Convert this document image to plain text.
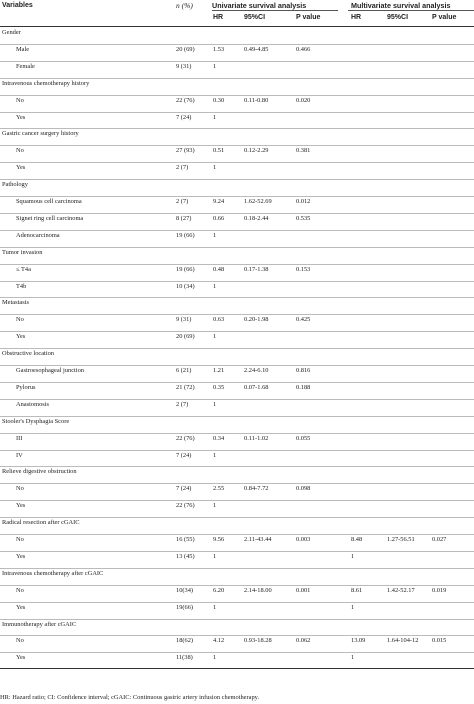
Variables	n (%)	Univariate survival analysis	Multivariate survival analysis
HR	95%CI	P value	HR	95%CI	P value
Gender
Male	20 (69)	1.53	0.49-4.85	0.466
Female	9 (31)	1
Intravenous chemotherapy history
No	22 (76)	0.30	0.11-0.80	0.020
Yes	7 (24)	1
Gastric cancer surgery history
No	27 (93)	0.51	0.12-2.29	0.381
Yes	2 (7)	1
Pathology
Squamous cell carcinoma	2 (7)	9.24	1.62-52.69	0.012
Signet ring cell carcinoma	8 (27)	0.66	0.18-2.44	0.535
Adenocarcinoma	19 (66)	1
Tumor invasion
≤ T4a	19 (66)	0.48	0.17-1.38	0.153
T4b	10 (34)	1
Metastasis
No	9 (31)	0.63	0.20-1.98	0.425
Yes	20 (69)	1
Obstructive location
Gastroesophageal junction	6 (21)	1.21	2.24-6.10	0.816
Pylorus	21 (72)	0.35	0.07-1.68	0.188
Anastomosis	2 (7)	1
Stooler's Dysphagia Score
III	22 (76)	0.34	0.11-1.02	0.055
IV	7 (24)	1
Relieve digestive obstruction
No	7 (24)	2.55	0.84-7.72	0.098
Yes	22 (76)	1
Radical resection after cGAIC
No	16 (55)	9.56	2.11-43.44	0.003	8.48	1.27-56.51	0.027
Yes	13 (45)	1	1
Intravenous chemotherapy after cGAIC
No	10(34)	6.20	2.14-18.00	0.001	8.61	1.42-52.17	0.019
Yes	19(66)	1	1
Immunotherapy after cGAIC
No	18(62)	4.12	0.93-18.28	0.062	13.09	1.64-104-12 0.015
Yes	11(38)	1	1
HR: Hazard ratio; CI: Confidence interval; cGAIC: Continuous gastric artery infusion chemotherapy.
